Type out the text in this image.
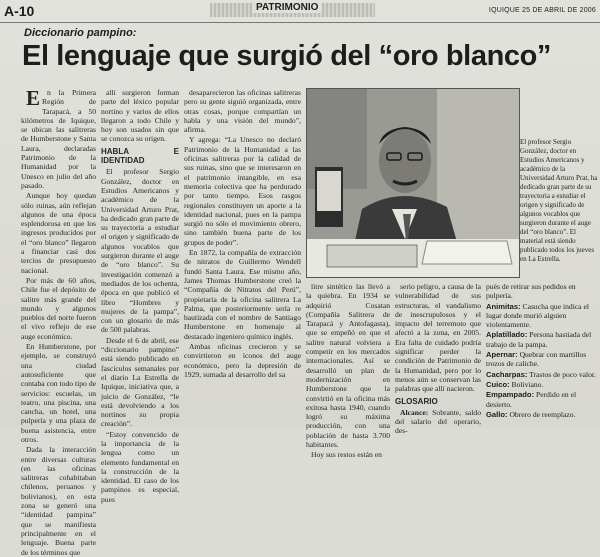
A-10	PATRIMONIO	IQUIQUE 25 DE ABRIL DE 2006
Diccionario pampino:
El lenguaje que surgió del “oro blanco”

En la Primera Región de Tarapacá, a 50 kilómetros de Iquique, se ubican las salitreras de Humberstone y Santa Laura, declaradas Patrimonio de la Humanidad por la Unesco en julio del año pasado.

Aunque hoy quedan sólo ruinas, aún reflejan algunos de una época esplendorosa en que los ingresos producidos por el “oro blanco” llegaron a financiar casi dos tercios de presupuesto nacional.

Por más de 60 años, Chile fue el depósito de salitre más grande del mundo y algunos pueblos del norte fueron el vivo reflejo de ese auge económico.

En Humberstone, por ejemplo, se construyó una ciudad autosuficiente que contaba con todo tipo de servicios: escuelas, un teatro, una piscina, una cancha, un hotel, una pulpería y una plaza de buena asistencia, entre otros.

Dada la interacción entre diversas culturas (en las oficinas salitreras cohabitaban chilenos, peruanos y bolivianos), en esta zona se generó una “identidad pampina” que se manifiesta principalmente en el lenguaje. Buena parte de los términos que

allí surgieron forman parte del léxico popular nortino y varios de ellos llegaron a todo Chile y hoy son usados sin que se conozca su origen.

HABLA E IDENTIDAD

El profesor Sergio González, doctor en Estudios Americanos y académico de la Universidad Arturo Prat, ha dedicado gran parte de su trayectoria a estudiar el origen y significado de algunos vocablos que surgieron durante el auge de “oro blanco”. Su investigación comenzó a mediados de los ochenta, época en que publicó el libro “Hombres y mujeres de la pampa”, con un glosario de más de 500 palabras.

Desde el 6 de abril, ese “diccionario pampino” está siendo publicado en fascículos semanales por el diario La Estrella de Iquique, iniciativa que, a juicio de González, “le está devolviendo a los nortinos su propia creación”.

“Estoy convencido de la importancia de la lengua como un elemento fundamental en la construcción de la identidad. El caso de los pampinos es especial, pues

desaparecieron las oficinas salitreras pero su gente siguió organizada, entre otras cosas, porque compartían un habla y una visión del mundo”, afirma.

Y agrega: “La Unesco no declaró Patrimonio de la Humanidad a las oficinas salitreras por la calidad de sus ruinas, sino que se interesaron en el patrimonio intangible, en esa memoria colectiva que ha perdurado por tanto tiempo. Esos rasgos regionales constituyen un aporte a la identidad nacional, pues en la pampa surgió no sólo el movimiento obrero, sino también buena parte de los grupos de poder”.

En 1872, la compañía de extracción de nitratos de Guillermo Wendell fundó Santa Laura. Ese mismo año, James Thomas Humberstone creó la “Compañía de Nitratos del Perú”, propietaria de la oficina salitrera La Palma, que posteriormente sería re bautizada con el nombre de Santiago Humberstone en homenaje al destacado ingeniero químico inglés.

Ambas oficinas crecieron y se convirtieron en íconos del auge económico, pero la depresión de 1929, sumada al desarrollo del sa

El profesor Sergio González, doctor en Estudios Americanos y académico de la Universidad Arturo Prat, ha dedicado gran parte de su trayectoria a estudiar el origen y significado de algunos vocablos que surgieron durante el auge del “oro blanco”. El material está siendo publicado todos los jueves en La Estrella.

litre sintético las llevó a la quiebra. En 1934 se adquirió Cosatan (Compañía Salitrera de Tarapacá y Antofagasta), que se empeñó en que el salitre natural volviera a competir en los mercados internacionales. Así se desarrolló un plan de modernización en Humberstone que la convirtió en la oficina más exitosa hasta 1940, cuando logró su máxima producción, con una población de hasta 3.700 habitantes.

Hoy sus restos están en

serio peligro, a causa de la vulnerabilidad de sus estructuras, el vandalismo de inescrupulosos y el impacto del terremoto que afectó a la zona, en 2005. Era falta de cuidado podría significar perder la condición de Patrimonio de la Humanidad, pero por lo menos aún se conservan las palabras que allí nacieron.

GLOSARIO

Alcance: Sobrante, saldo del salario del operario, des-

pués de retirar sus pedidos en pulpería.
Animitas: Casucha que indica el lugar donde murió alguien violentamente.
Aplatillado: Persona hastiada del trabajo de la pampa.
Apernar: Quebrar con martillos trozos de caliche.
Cacharpas: Trastos de poco valor.
Cuico: Boliviano.
Empampado: Perdido en el desierto.
Gallo: Obrero de reemplazo.
